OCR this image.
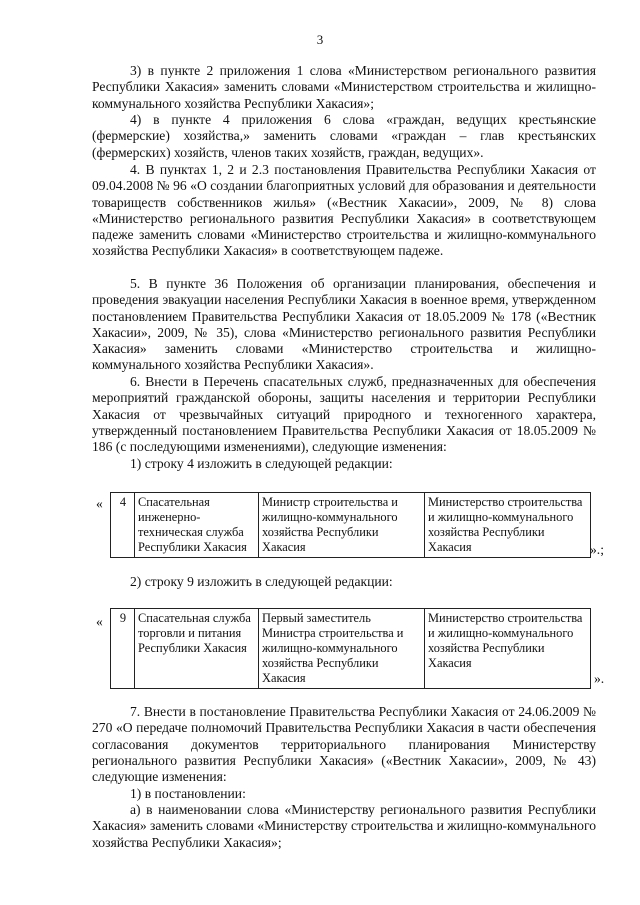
3
3) в пункте 2 приложения 1 слова «Министерством регионального развития Республики Хакасия» заменить словами «Министерством строительства и жилищно-коммунального хозяйства Республики Хакасия»;
4) в пункте 4 приложения 6 слова «граждан, ведущих крестьянские (фермерские) хозяйства,» заменить словами «граждан – глав крестьянских (фермерских) хозяйств, членов таких хозяйств, граждан, ведущих».
4. В пунктах 1, 2 и 2.3 постановления Правительства Республики Хакасия от 09.04.2008 № 96 «О создании благоприятных условий для образования и деятельности товариществ собственников жилья» («Вестник Хакасии», 2009, № 8) слова «Министерство регионального развития Республики Хакасия» в соответствующем падеже заменить словами «Министерство строительства и жилищно-коммунального хозяйства Республики Хакасия» в соответствующем падеже.
5. В пункте 36 Положения об организации планирования, обеспечения и проведения эвакуации населения Республики Хакасия в военное время, утвержденном постановлением Правительства Республики Хакасия от 18.05.2009 № 178 («Вестник Хакасии», 2009, № 35), слова «Министерство регионального развития Республики Хакасия» заменить словами «Министерство строительства и жилищно-коммунального хозяйства Республики Хакасия».
6. Внести в Перечень спасательных служб, предназначенных для обеспечения мероприятий гражданской обороны, защиты населения и территории Республики Хакасия от чрезвычайных ситуаций природного и техногенного характера, утвержденный постановлением Правительства Республики Хакасия от 18.05.2009 № 186 (с последующими изменениями), следующие изменения:
1) строку 4 изложить в следующей редакции:
« 4	Спасательная инженерно-техническая служба Республики Хакасия	Министр строительства и жилищно-коммунального хозяйства Республики Хакасия	Министерство строительства и жилищно-коммунального хозяйства Республики Хакасия	».;
2) строку 9 изложить в следующей редакции:
« 9	Спасательная служба торговли и питания Республики Хакасия	Первый заместитель Министра строительства и жилищно-коммунального хозяйства Республики Хакасия	Министерство строительства и жилищно-коммунального хозяйства Республики Хакасия
».
7. Внести в постановление Правительства Республики Хакасия от 24.06.2009 № 270 «О передаче полномочий Правительства Республики Хакасия в части обеспечения согласования документов территориального планирования Министерству регионального развития Республики Хакасия» («Вестник Хакасии», 2009, № 43) следующие изменения:
1) в постановлении:
а) в наименовании слова «Министерству регионального развития Республики Хакасия» заменить словами «Министерству строительства и жилищно-коммунального хозяйства Республики Хакасия»;
